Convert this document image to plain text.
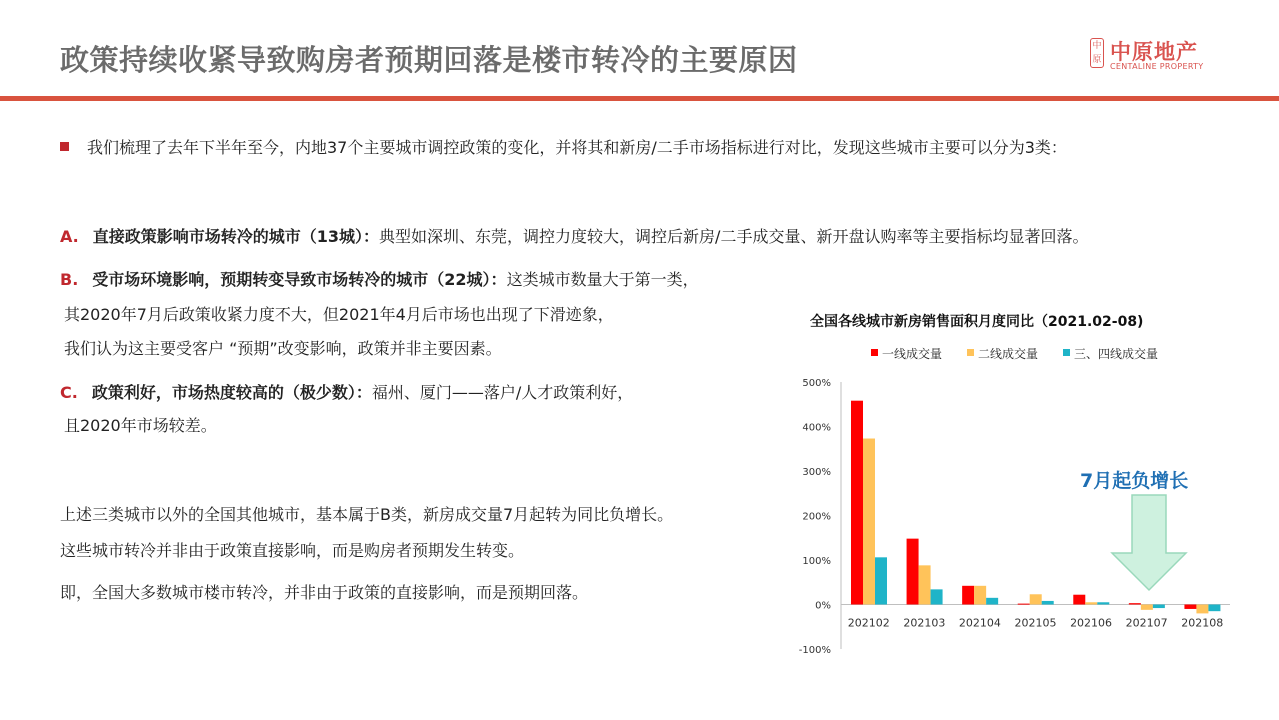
政策持续收紧导致购房者预期回落是楼市转冷的主要原因	中原 中原地产
CENTALINE PROPERTY
我们梳理了去年下半年至今，内地37个主要城市调控政策的变化，并将其和新房/二手市场指标进行对比，发现这些城市主要可以分为3类：
A. 直接政策影响市场转冷的城市（13城）：典型如深圳、东莞，调控力度较大，调控后新房/二手成交量、新开盘认购率等主要指标均显著回落。
B. 受市场环境影响，预期转变导致市场转冷的城市（22城）：这类城市数量大于第一类，
其2020年7月后政策收紧力度不大，但2021年4月后市场也出现了下滑迹象，
我们认为这主要受客户 “预期”改变影响，政策并非主要因素。
C. 政策利好，市场热度较高的（极少数）：福州、厦门——落户/人才政策利好，
且2020年市场较差。
上述三类城市以外的全国其他城市，基本属于B类，新房成交量7月起转为同比负增长。
这些城市转冷并非由于政策直接影响，而是购房者预期发生转变。
即，全国大多数城市楼市转冷，并非由于政策的直接影响，而是预期回落。
全国各线城市新房销售面积月度同比（2021.02-08)
500%
400%
300%
200%
100%
0%
-100%
202102 202103 202104 202105 202106 202107 202108
一线成交量	二线成交量	三、四线成交量
7月起负增长
